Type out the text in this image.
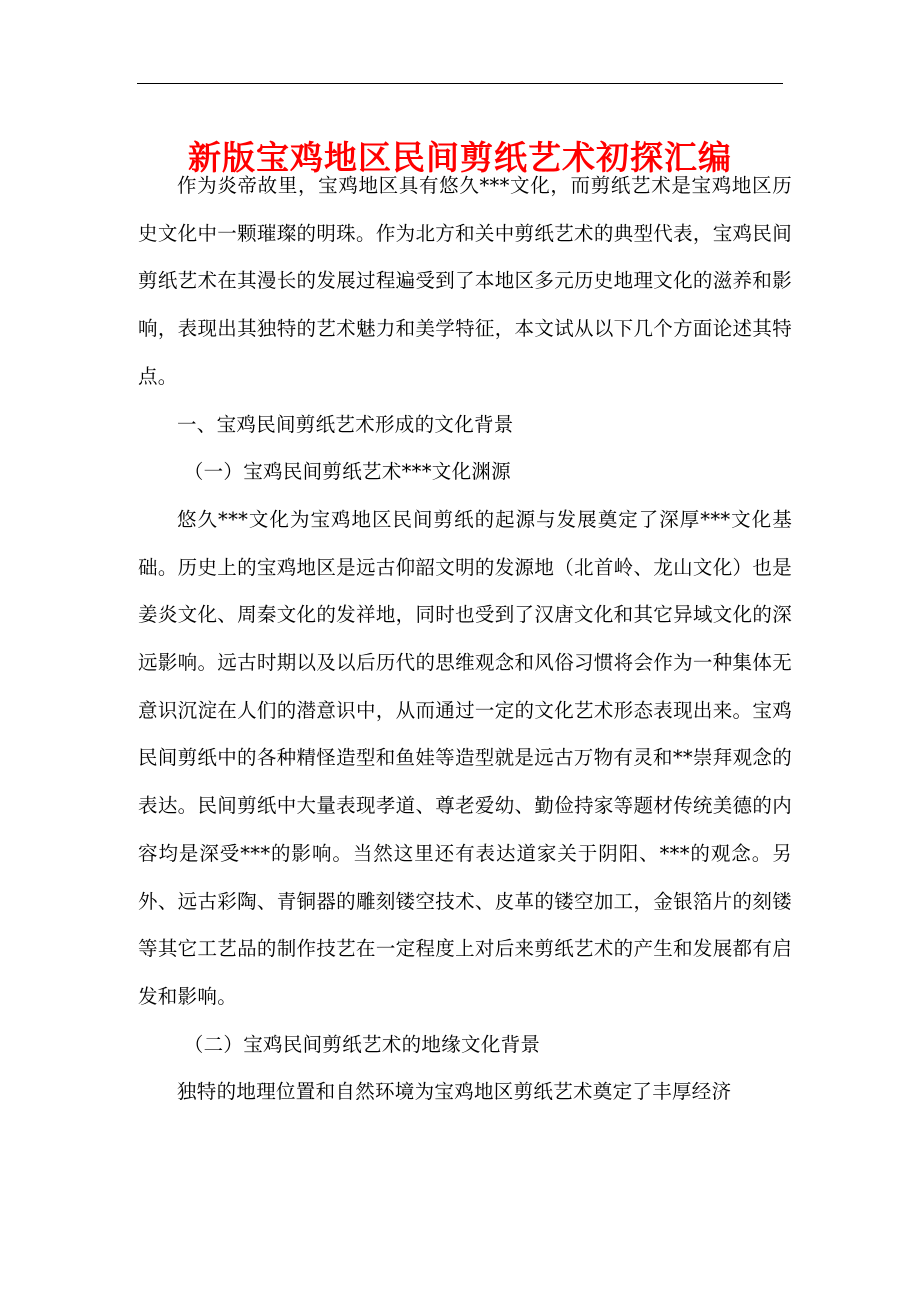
新版宝鸡地区民间剪纸艺术初探汇编

作为炎帝故里，宝鸡地区具有悠久***文化，而剪纸艺术是宝鸡地区历史文化中一颗璀璨的明珠。作为北方和关中剪纸艺术的典型代表，宝鸡民间剪纸艺术在其漫长的发展过程遍受到了本地区多元历史地理文化的滋养和影响，表现出其独特的艺术魅力和美学特征，本文试从以下几个方面论述其特点。

一、宝鸡民间剪纸艺术形成的文化背景

（一）宝鸡民间剪纸艺术***文化渊源

悠久***文化为宝鸡地区民间剪纸的起源与发展奠定了深厚***文化基础。历史上的宝鸡地区是远古仰韶文明的发源地（北首岭、龙山文化）也是姜炎文化、周秦文化的发祥地，同时也受到了汉唐文化和其它异域文化的深远影响。远古时期以及以后历代的思维观念和风俗习惯将会作为一种集体无意识沉淀在人们的潜意识中，从而通过一定的文化艺术形态表现出来。宝鸡民间剪纸中的各种精怪造型和鱼娃等造型就是远古万物有灵和**崇拜观念的表达。民间剪纸中大量表现孝道、尊老爱幼、勤俭持家等题材传统美德的内容均是深受***的影响。当然这里还有表达道家关于阴阳、***的观念。另外、远古彩陶、青铜器的雕刻镂空技术、皮革的镂空加工，金银箔片的刻镂等其它工艺品的制作技艺在一定程度上对后来剪纸艺术的产生和发展都有启发和影响。

（二）宝鸡民间剪纸艺术的地缘文化背景

独特的地理位置和自然环境为宝鸡地区剪纸艺术奠定了丰厚经济
